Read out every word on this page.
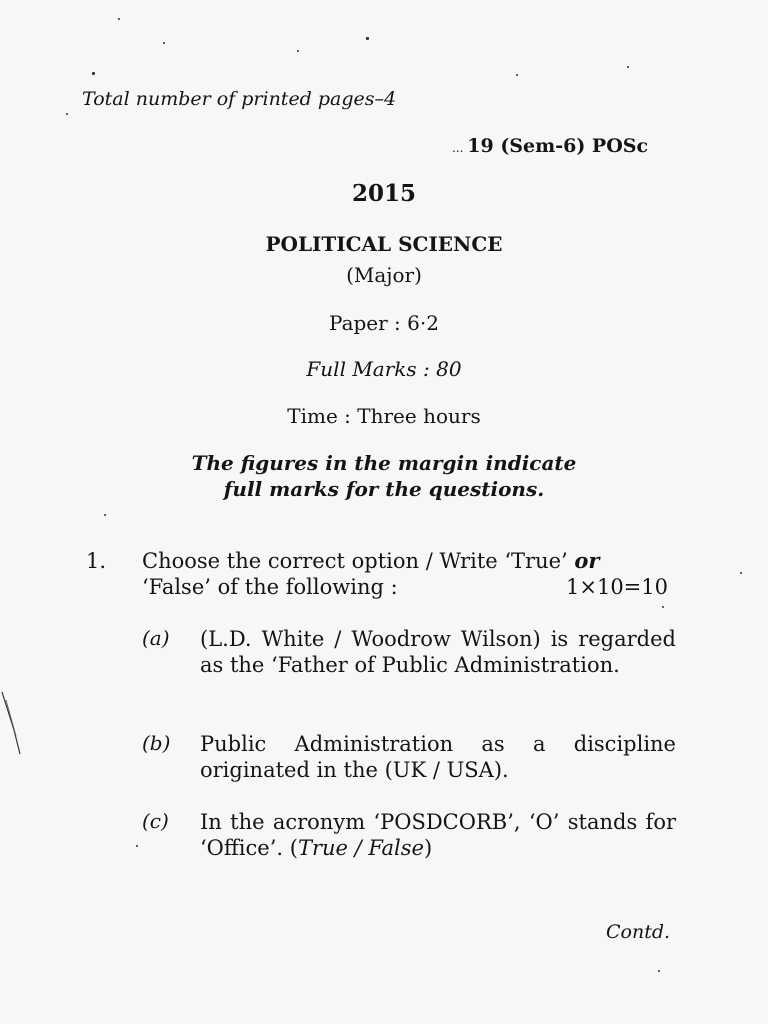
Total number of printed pages–4
... 19 (Sem-6) POSc
2015
POLITICAL SCIENCE
(Major)
Paper : 6·2
Full Marks : 80
Time : Three hours
The figures in the margin indicate
full marks for the questions.
1. Choose the correct option / Write ‘True’ or
‘False’ of the following :	1×10=10
(a) (L.D. White / Woodrow Wilson) is regarded as the ‘Father of Public Administration.
(b) Public Administration as a discipline originated in the (UK / USA).
(c) In the acronym ‘POSDCORB’, ‘O’ stands for ‘Office’. (True / False)
Contd.
